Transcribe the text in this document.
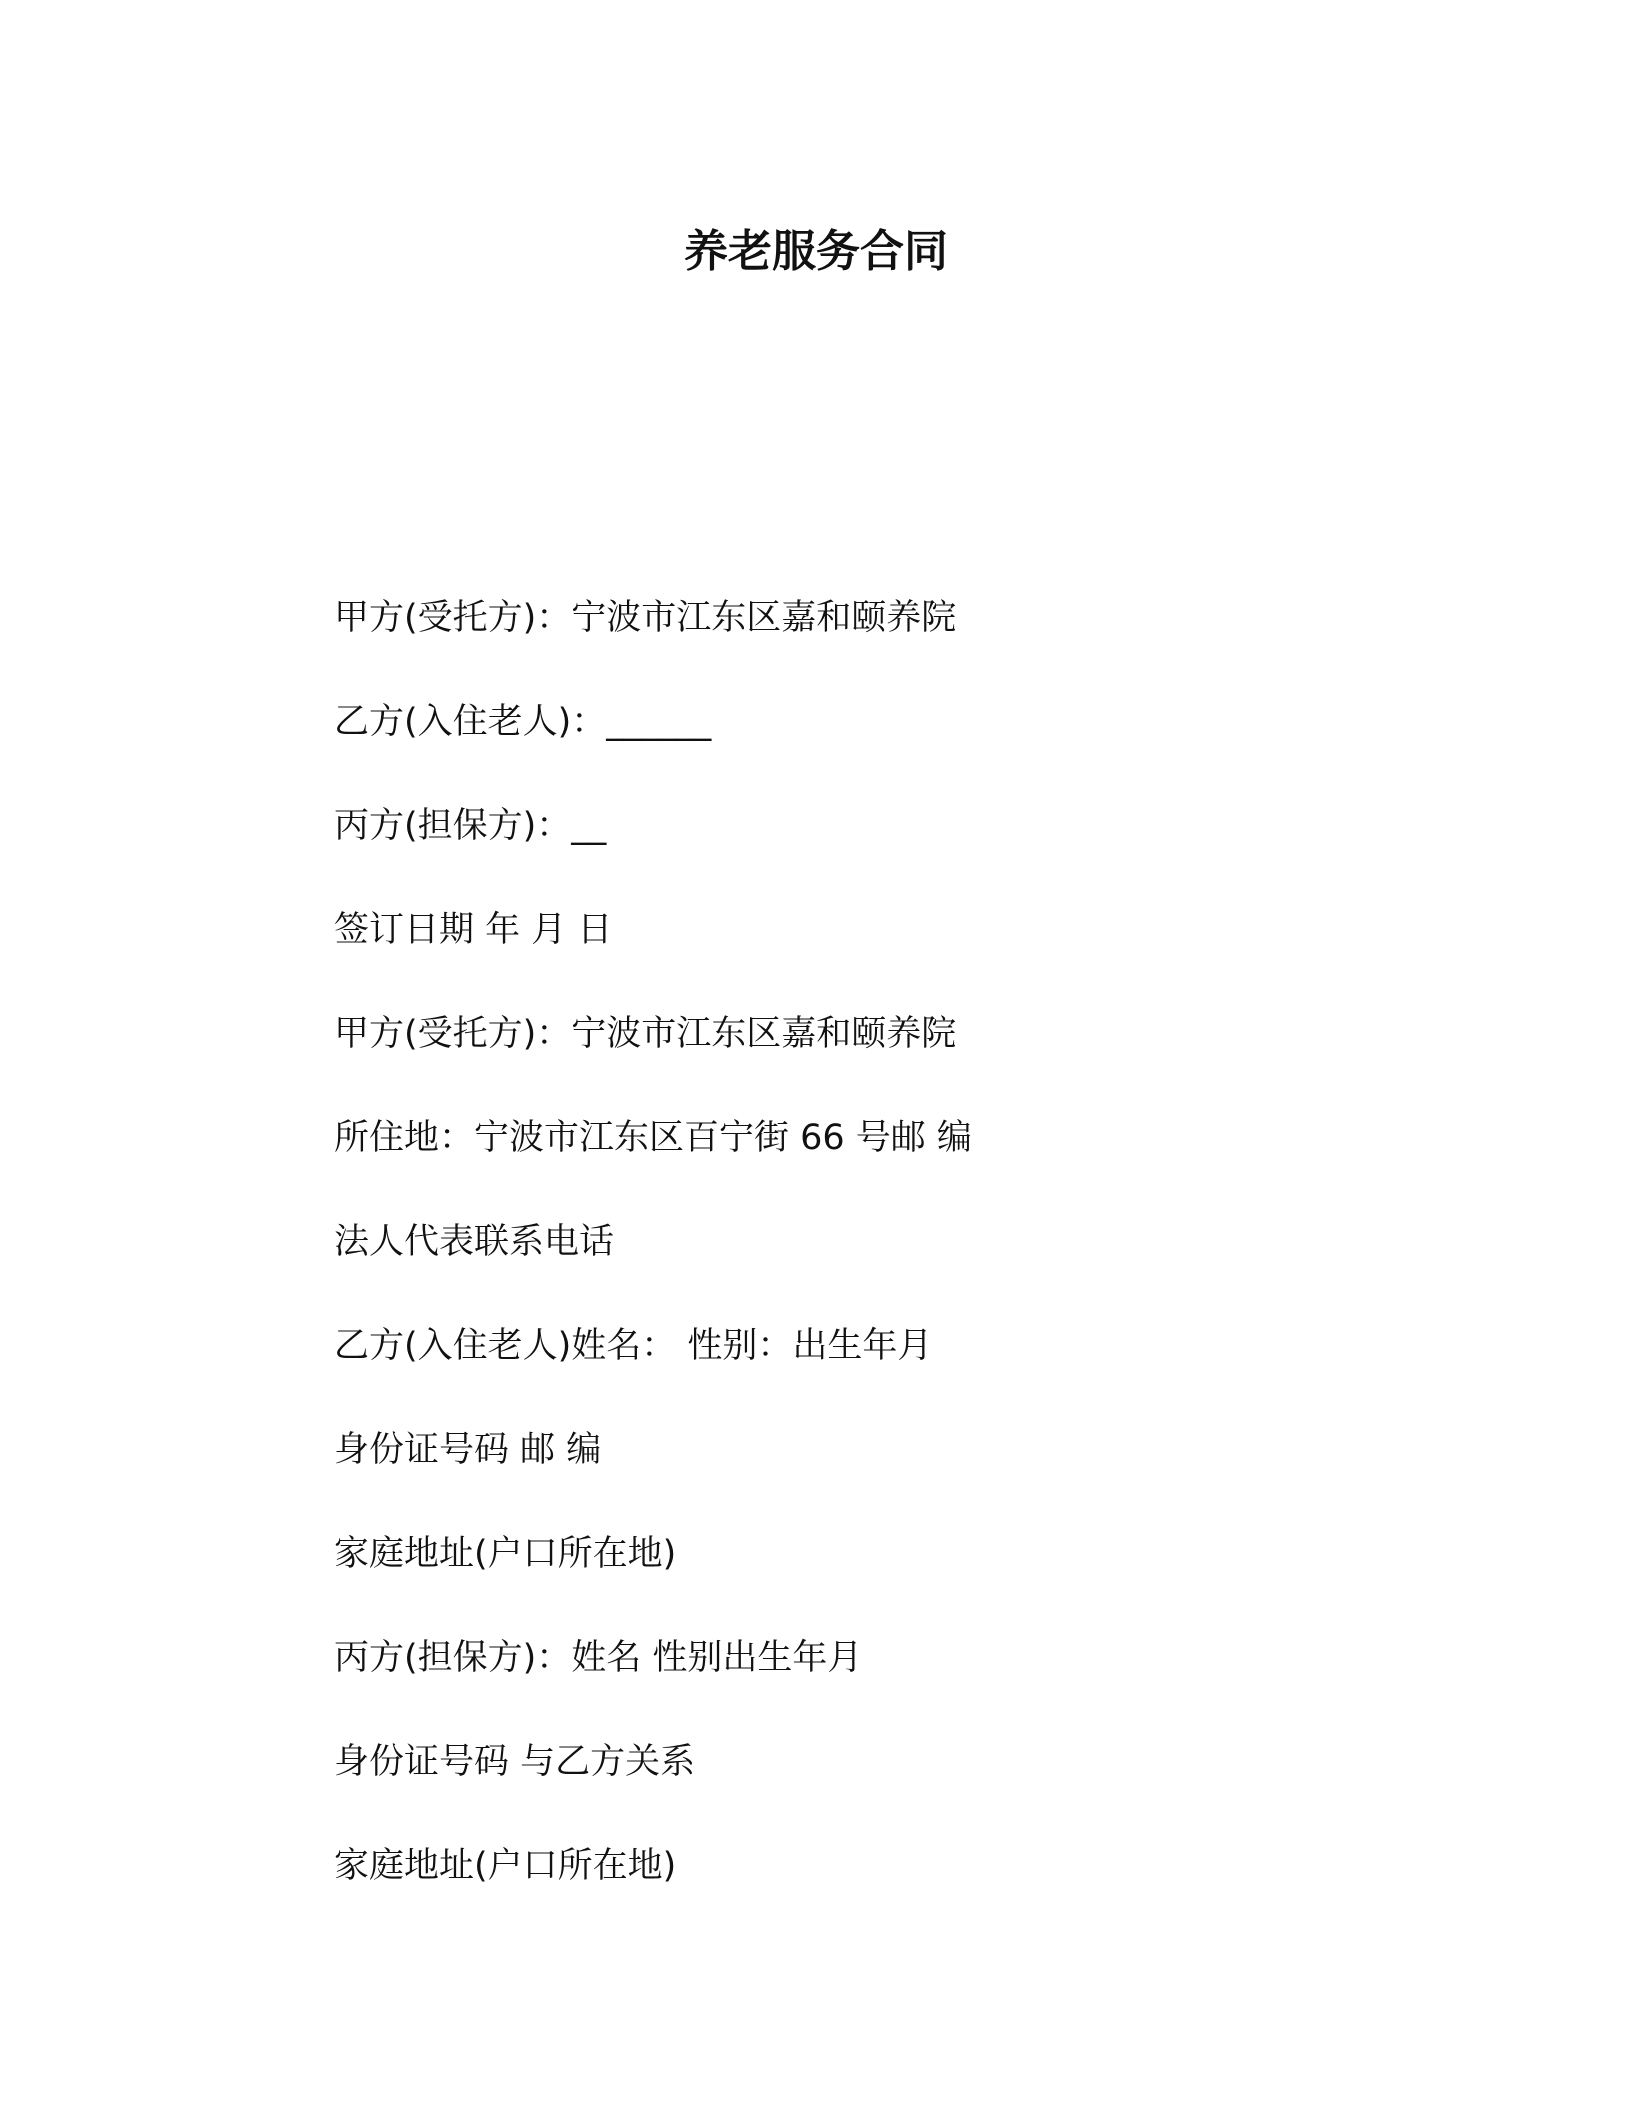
养老服务合同
甲方(受托方)：宁波市江东区嘉和颐养院
乙方(入住老人)：______
丙方(担保方)：__
签订日期 年 月 日
甲方(受托方)：宁波市江东区嘉和颐养院
所住地：宁波市江东区百宁街 66 号邮 编
法人代表联系电话
乙方(入住老人)姓名： 性别：出生年月
身份证号码 邮 编
家庭地址(户口所在地)
丙方(担保方)：姓名 性别出生年月
身份证号码 与乙方关系
家庭地址(户口所在地)
